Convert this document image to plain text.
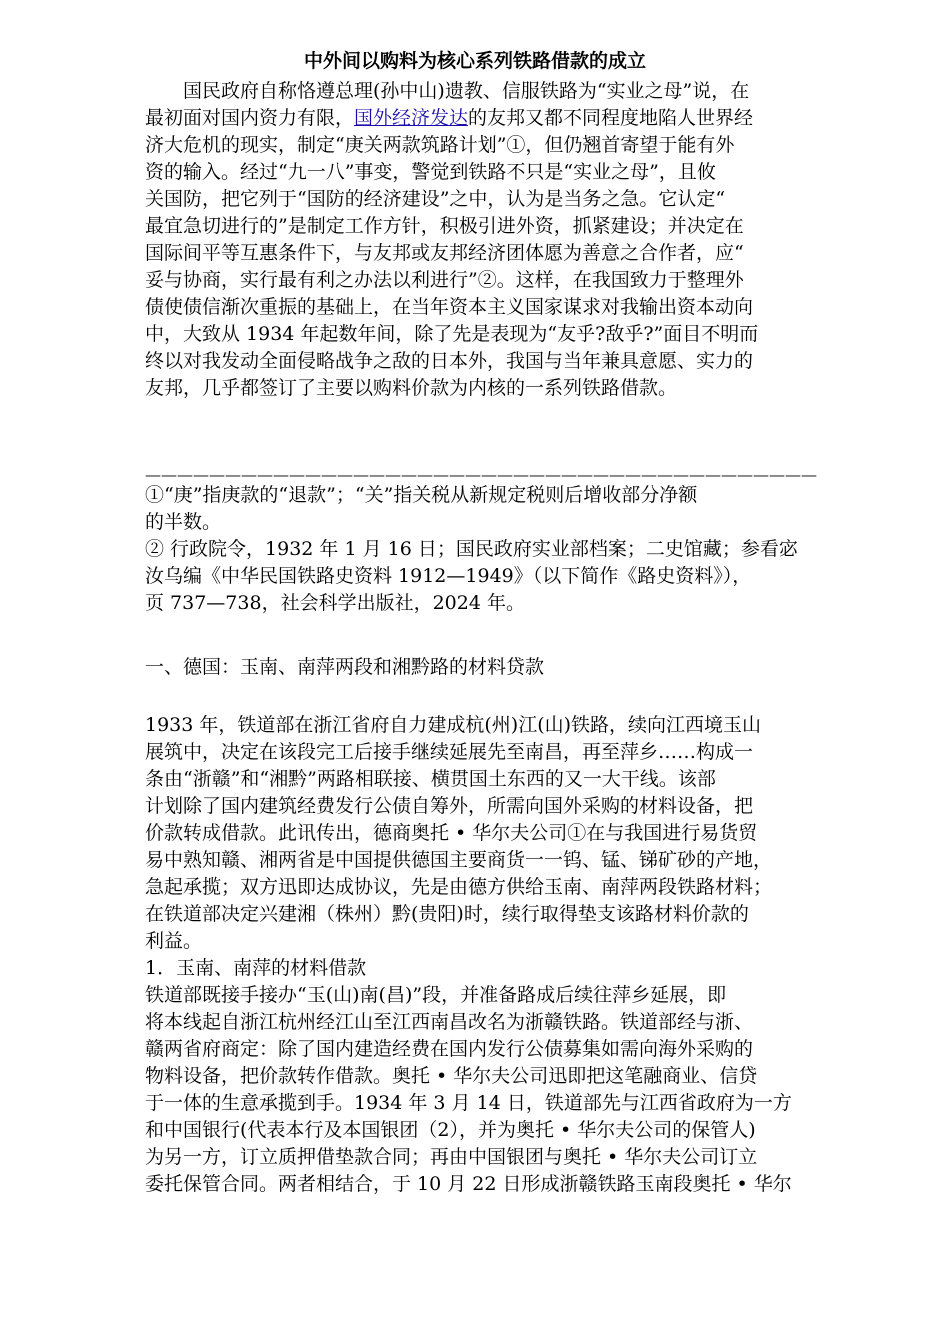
中外间以购料为核心系列铁路借款的成立
国民政府自称恪遵总理(孙中山)遗教、信服铁路为“实业之母”说，在
最初面对国内资力有限，国外经济发达的友邦又都不同程度地陷人世界经
济大危机的现实，制定“庚关两款筑路计划”①，但仍翘首寄望于能有外
资的输入。经过“九一八”事变，警觉到铁路不只是“实业之母”，且攸
关国防，把它列于“国防的经济建设”之中，认为是当务之急。它认定“
最宜急切进行的”是制定工作方针，积极引进外资，抓紧建设；并决定在
国际间平等互惠条件下，与友邦或友邦经济团体愿为善意之合作者，应“
妥与协商，实行最有利之办法以利进行”②。这样，在我国致力于整理外
债使债信渐次重振的基础上，在当年资本主义国家谋求对我输出资本动向
中，大致从 1934 年起数年间，除了先是表现为“友乎?敌乎?”面目不明而
终以对我发动全面侵略战争之敌的日本外，我国与当年兼具意愿、实力的
友邦，几乎都签订了主要以购料价款为内核的一系列铁路借款。
——————————————————————————————————————————
①“庚”指庚款的“退款”；“关”指关税从新规定税则后增收部分净额
的半数。
② 行政院令，1932 年 1 月 16 日；国民政府实业部档案；二史馆藏；参看宓
汝乌编《中华民国铁路史资料 1912—1949》（以下简作《路史资料》），
页 737—738，社会科学出版社，2024 年。
一、德国：玉南、南萍两段和湘黔路的材料贷款
1933 年，铁道部在浙江省府自力建成杭(州)江(山)铁路，续向江西境玉山
展筑中，决定在该段完工后接手继续延展先至南昌，再至萍乡……构成一
条由“浙赣”和“湘黔”两路相联接、横贯国土东西的又一大干线。该部
计划除了国内建筑经费发行公债自筹外，所需向国外采购的材料设备，把
价款转成借款。此讯传出，德商奥托 • 华尔夫公司①在与我国进行易货贸
易中熟知赣、湘两省是中国提供德国主要商货一一钨、锰、锑矿砂的产地，
急起承揽；双方迅即达成协议，先是由德方供给玉南、南萍两段铁路材料；
在铁道部决定兴建湘（株州）黔(贵阳)时，续行取得垫支该路材料价款的
利益。
1．玉南、南萍的材料借款
铁道部既接手接办“玉(山)南(昌)”段，并准备路成后续往萍乡延展，即
将本线起自浙江杭州经江山至江西南昌改名为浙赣铁路。铁道部经与浙、
赣两省府商定：除了国内建造经费在国内发行公债募集如需向海外采购的
物料设备，把价款转作借款。奥托 • 华尔夫公司迅即把这笔融商业、信贷
于一体的生意承揽到手。1934 年 3 月 14 日，铁道部先与江西省政府为一方
和中国银行(代表本行及本国银团（2），并为奥托 • 华尔夫公司的保管人)
为另一方，订立质押借垫款合同；再由中国银团与奥托 • 华尔夫公司订立
委托保管合同。两者相结合，于 10 月 22 日形成浙赣铁路玉南段奥托 • 华尔
